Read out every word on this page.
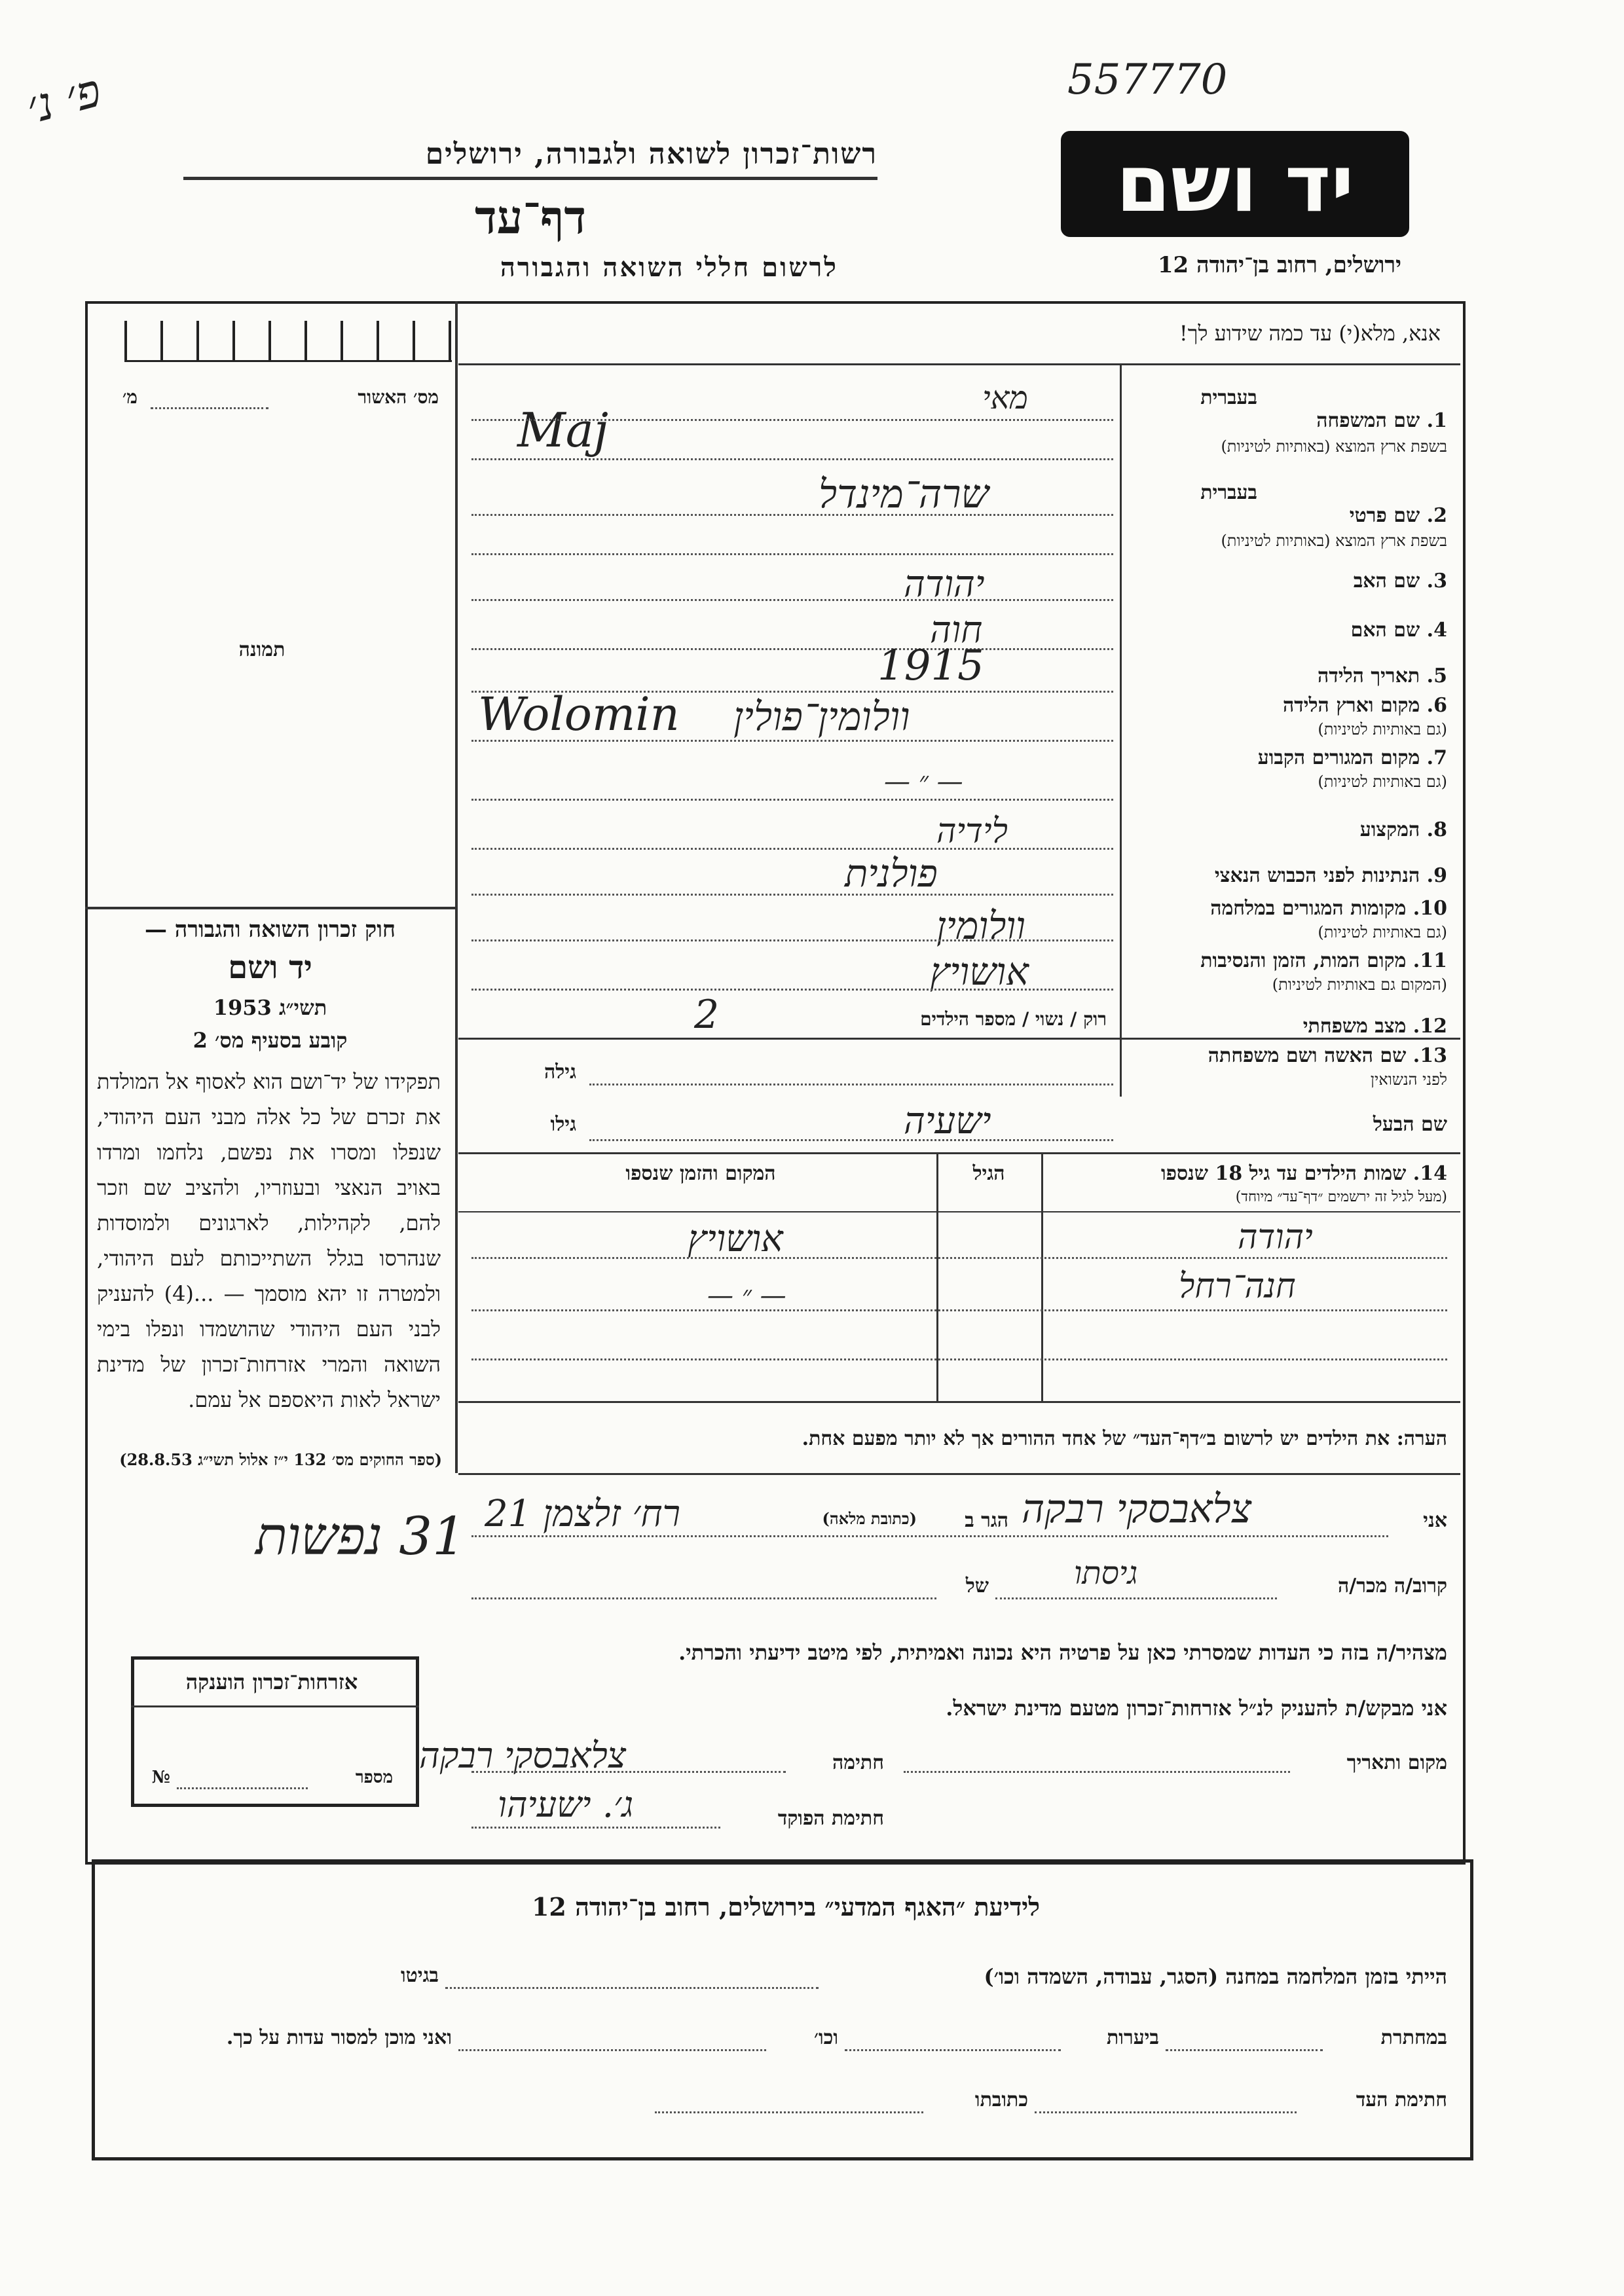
פ׳ נ׳	557770
רשות־זכרון לשואה ולגבורה, ירושלים
דף־עד
לרשום חללי השואה והגבורה
יד ושם
ירושלים, רחוב בן־יהודה 12
אנא, מלא(י) עד כמה שידוע לך!
מס׳ האשור
מ׳
תמונה
חוק זכרון השואה והגבורה —
יד ושם
תשי״ג 1953
קובע בסעיף מס׳ 2
תפקידו של יד־ושם הוא לאסוף אל המולדת את זכרם של כל אלה מבני העם היהודי, שנפלו ומסרו את נפשם, נלחמו ומרדו באויב הנאצי ובעוזריו, ולהציב שם וזכר להם, לקהילות, לארגונים ולמוסדות שנהרסו בגלל השתייכותם לעם היהודי, ולמטרה זו יהא מוסמך — ...(4) להעניק לבני העם היהודי שהושמדו ונפלו בימי השואה והמרי אזרחות־זכרון של מדינת ישראל לאות היאספם אל עמם.
(ספר החוקים מס׳ 132 י״ז אלול תשי״ג 28.8.53)
בעברית
1. שם המשפחה
בשפת ארץ המוצא (באותיות לטיניות)
מאי
Maj
בעברית
2. שם פרטי
בשפת ארץ המוצא (באותיות לטיניות)
שרה־מינדל
3. שם האב
יהודה
4. שם האם
חוה
5. תאריך הלידה
1915
6. מקום וארץ הלידה
(גם באותיות לטיניות)
וולומין־פולין
Wolomin
7. מקום המגורים הקבוע
(גם באותיות לטיניות)
— ״ —
8. המקצוע
לידיה
9. הנתינות לפני הכבוש הנאצי
פולנית
10. מקומות המגורים במלחמה
(גם באותיות לטיניות)
וולומין
11. מקום המות, הזמן והנסיבות
(המקום גם באותיות לטיניות)
אושויץ
12. מצב משפחתי
רוק / נשוי / מספר הילדים
2
13. שם האשה ושם משפחתה
לפני הנשואין
גילה
שם הבעל
ישעיה
גילו
14. שמות הילדים עד גיל 18 שנספו
(מעל לגיל זה ירשמים ״דף־עד״ מיוחד)
הגיל
המקום והזמן שנספו
יהודה
אושויץ
חנה־רחל
— ״ —
הערה: את הילדים יש לרשום ב״דף־העד״ של אחד ההורים אך לא יותר מפעם אחת.
אני
צלאבסקי רבקה
הגר ב
(כתובת מלאה)
רח׳ זלצמן 21
קרוב/ה מכר/ה
גיסתו
של
מצהיר/ה בזה כי העדות שמסרתי כאן על פרטיה היא נכונה ואמיתית, לפי מיטב ידיעתי והכרתי.
אני מבקש/ת להעניק לנ״ל אזרחות־זכרון מטעם מדינת ישראל.
מקום ותאריך
חתימה
צלאבסקי רבקה
חתימת הפוקד
ג׳. ישעיהו
אזרחות־זכרון הוענקה
מספר
№
31 נפשות
לידיעת ״האגף המדעי״ בירושלים, רחוב בן־יהודה 12
הייתי בזמן המלחמה במחנה (הסגר, עבודה, השמדה וכו׳)
בגיטו
במחתרת
ביערות
וכו׳
ואני מוכן למסור עדות על כך.
חתימת העד
כתובתו
